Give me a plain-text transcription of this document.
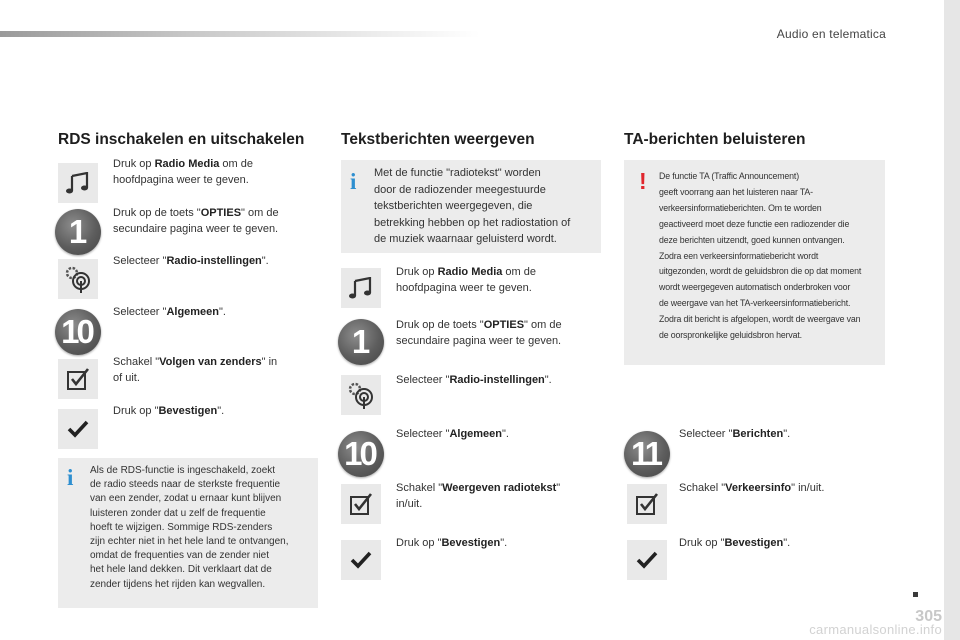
Audio en telematica
RDS inschakelen en uitschakelen
Druk op Radio Media om de
hoofdpagina weer te geven.
1	Druk op de toets "OPTIES" om de
secundaire pagina weer te geven.
Selecteer "Radio-instellingen".
10
Selecteer "Algemeen".
Schakel "Volgen van zenders" in
of uit.
Druk op "Bevestigen".
i Als de RDS-functie is ingeschakeld, zoekt
de radio steeds naar de sterkste frequentie
van een zender, zodat u ernaar kunt blijven
luisteren zonder dat u zelf de frequentie
hoeft te wijzigen. Sommige RDS-zenders
zijn echter niet in het hele land te ontvangen,
omdat de frequenties van de zender niet
het hele land dekken. Dit verklaart dat de
zender tijdens het rijden kan wegvallen.
Tekstberichten weergeven
i Met de functie "radiotekst" worden
door de radiozender meegestuurde
tekstberichten weergegeven, die
betrekking hebben op het radiostation of
de muziek waarnaar geluisterd wordt.
Druk op Radio Media om de
hoofdpagina weer te geven.
1	Druk op de toets "OPTIES" om de
secundaire pagina weer te geven.
Selecteer "Radio-instellingen".
10
Selecteer "Algemeen".
Schakel "Weergeven radiotekst"
in/uit.
Druk op "Bevestigen".
TA-berichten beluisteren
! De functie TA (Traffic Announcement)
geeft voorrang aan het luisteren naar TA-
verkeersinformatieberichten. Om te worden
geactiveerd moet deze functie een radiozender die
deze berichten uitzendt, goed kunnen ontvangen.
Zodra een verkeersinformatiebericht wordt
uitgezonden, wordt de geluidsbron die op dat moment
wordt weergegeven automatisch onderbroken voor
de weergave van het TA-verkeersinformatiebericht.
Zodra dit bericht is afgelopen, wordt de weergave van
de oorspronkelijke geluidsbron hervat.
11
Selecteer "Berichten".
Schakel "Verkeersinfo" in/uit.
Druk op "Bevestigen".
305
carmanualsonline.info
